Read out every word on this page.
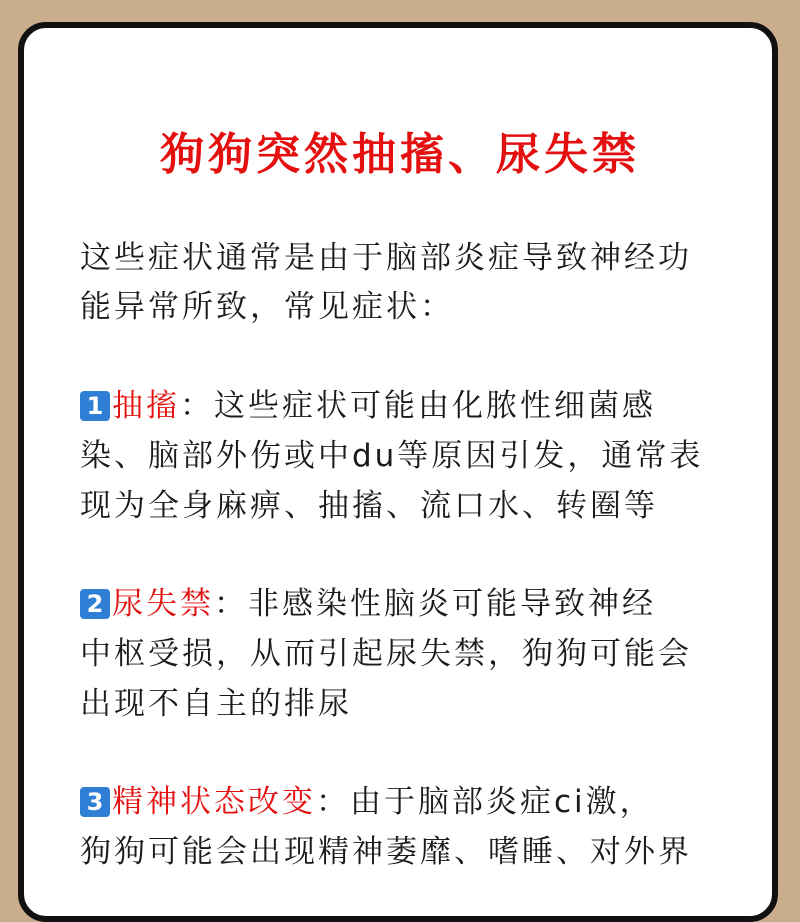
狗狗突然抽搐、尿失禁

这些症状通常是由于脑部炎症导致神经功

能异常所致，常见症状：

1 抽搐：这些症状可能由化脓性细菌感

染、脑部外伤或中du等原因引发，通常表

现为全身麻痹、抽搐、流口水、转圈等

2 尿失禁：非感染性脑炎可能导致神经

中枢受损，从而引起尿失禁，狗狗可能会

出现不自主的排尿

3 精神状态改变：由于脑部炎症ci激，

狗狗可能会出现精神萎靡、嗜睡、对外界
